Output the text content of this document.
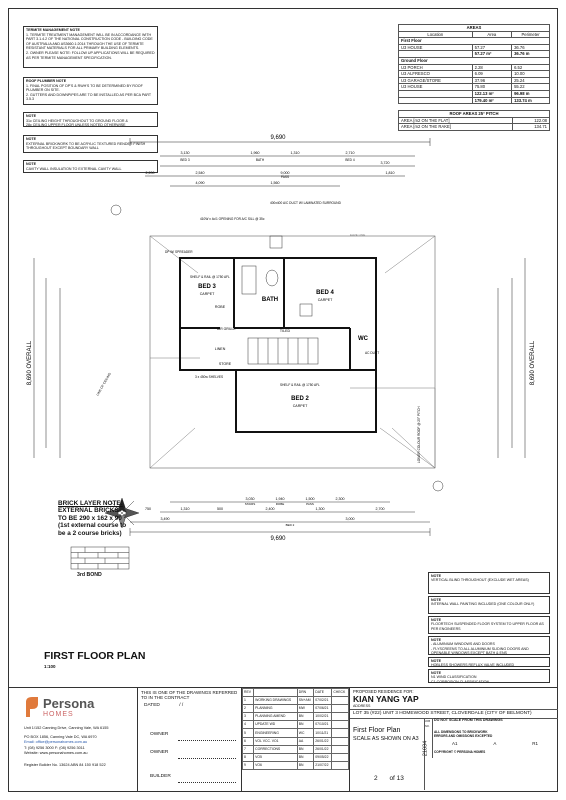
TERMITE MANAGEMENT NOTE
1. TERMITE TREATMENT MANAGEMENT WILL BE IN ACCORDANCE WITH PART 3.1.4.2 OF THE NATIONAL CONSTRUCTION CODE - BUILDING CODE OF AUSTRALIA AND AS3660.1:2014 THROUGH THE USE OF TERMITE RESISTANT MATERIALS FOR ALL PRIMARY BUILDING ELEMENTS.
2. OWNER PLEASE NOTE: FOLLOW UP APPLICATIONS WILL BE REQUIRED AS PER TERMITE MANAGEMENT SPECIFICATION.
ROOF PLUMBER NOTE
1. FINAL POSITION OF DP'S & RWH'S TO BE DETERMINED BY ROOF PLUMBER ON SITE.
2. GUTTERS AND DOWNPIPES ARE TO BE INSTALLED AS PER BCA PART 3.5.3
NOTE
31c CEILING HEIGHT THROUGHOUT TO GROUND FLOOR &
28c CEILING UPPER FLOOR UNLESS NOTED OTHERWISE
NOTE
EXTERNAL BRICKWORK TO BE ACRYLIC TEXTURED RENDER FINISH THROUGHOUT EXCEPT BOUNDARY WALL
NOTE
CAVITY WALL INSULATION TO EXTERNAL CAVITY WALL
AREAS		
Location	Area	Perimeter
First Floor		
U3 HOUSE	57.27	36.76
	57.27 m²	36.76 m
Ground Floor		
U3 PORCH	2.28	6.52
U3 ALFRESCO	6.09	10.00
U3 GARAGE/STORE	37.96	25.24
U3 HOUSE	75.80	55.22
	122.13 m²	96.98 m
	179.40 m²	133.74 m
ROOF AREAS 25° PITCH	
AREA [m2 ON THE FLAT]	122.08
AREA [m2 ON THE RAKE]	134.71
9,690
3,130	1,960	1,310	2,710
BED 3	BATH	BED 4
3,720
2,200	2,540	9,000
PASS
1,810
4,090	1,560
8,690 OVERALL	8,690 OVERALL
BED 3
CARPET	BED 4
CARPET
BATH
TILED
BED 2
CARPET
WC
LINEN
ROBE
STORE
DP W/ SPREADER
400x400 A/C DUCT W/ LAMINATED SURROUND
410W x 4c/1 OPENING FOR A/C SILL @ 35c
SHELF & RAIL @ 1750 AFL
AIR GRILLE
AC DUCT
LOWER COLOUR ROOF @ 25° PITCH
3 x 450w SHELVES
SHELF & RAIL @ 1750 AFL
EAVE LINE
LINE OF CEILING
9,690
3,490	3,000
750	1,310	500	2,400	1,300	2,700
3,030	1,940	1,500	2,300
STAIRS	ROBE	PASS
BED 2
BRICK LAYER NOTE:
EXTERNAL BRICKS
TO BE 290 x 162 x 90
(1st external course to
be a 2 course bricks)
3rd BOND	NOTE
VERTICAL BLIND THROUGHOUT (EXCLUDE WET AREAS)
NOTE
INTERNAL WALL PAINTING INCLUDED (ONE COLOUR ONLY)
NOTE
FLOORTECH SUSPENDED FLOOR SYSTEM TO UPPER FLOOR AS PER ENGINEERS
NOTE
- ALUMINIUM WINDOWS AND DOORS
- FLYSCREENS TO ALL ALUMINIUM SLIDING DOORS AND OPENABLE WINDOWS EXCEPT BATH & ENS
NOTE
HOBLESS SHOWERS REFLUX VALVE INCLUDED
NOTE
N1 WIND CLASSIFICATION
C1 CORROSION CLASSIFICATION
FIRST FLOOR PLAN
1:100
Persona
HOMES
Unit 1/152 Canning Drive, Canning Vale, WA 6155
PO BOX 1856, Canning Vale DC, WA 6970
Email: office@personahomes.com.au
T: (08) 9256 3000 F: (08) 9256 3011
Website: www.personahomes.com.au
Register Builder No. 13624 ABN 84 150 918 522
THIS IS ONE OF THE DRAWINGS REFERRED TO IN THE CONTRACT
DATED	/ /
OWNER
OWNER
BUILDER
REV		DRN	DATE	CHECK
1	WORKING DRAWINGS	SN+AM	07/02/21	
2	PLANNING	MW	07/06/21	
3	PLANNING AMEND	BN	10/02/21	
4	UPDATE WD	BN	07/10/21	
5	ENGINEERING	WC	10/11/21	
6	VOL VCC. VO1	AA	26/01/22	
7	CORRECTIONS	BN	26/01/22	
8	VO5	BN	09/05/22	
9	VO6	BN	21/07/22	
PROPOSED RESIDENCE FOR:
KIAN YANG YAP
ADDRESS
LOT 35 (#22) UNIT 3 HOMEWOOD STREET, CLOVERDALE (CITY OF BELMONT)
First Floor Plan
SCALE AS SHOWN ON A3
2 of 13
JOB NO.
21034
DO NOT SCALE FROM THIS DRAWINGS
ALL DIMENSIONS TO BRICKWORK
ERRORS AND OMISSIONS EXCEPTED
A1	A	R1
COPYRIGHT © PERSONA HOMES
